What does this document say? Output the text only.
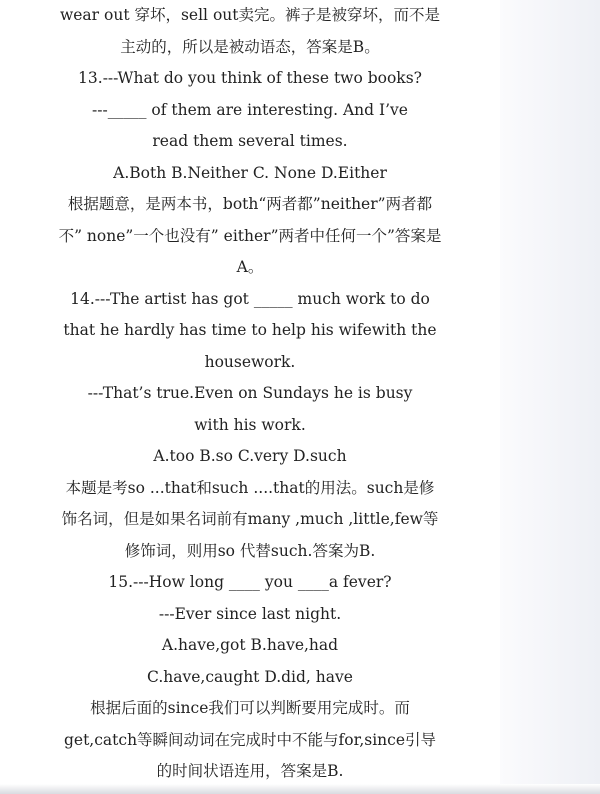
wear out 穿坏，sell out卖完。裤子是被穿坏，而不是
主动的，所以是被动语态，答案是B。
13.---What do you think of these two books?
---_____ of them are interesting. And I’ve
read them several times.
A.Both B.Neither C. None D.Either
根据题意，是两本书，both“两者都”neither”两者都
不” none”一个也没有” either”两者中任何一个”答案是
A。
14.---The artist has got _____ much work to do
that he hardly has time to help his wifewith the
housework.
---That’s true.Even on Sundays he is busy
with his work.
A.too B.so C.very D.such
本题是考so ...that和such ....that的用法。such是修
饰名词，但是如果名词前有many ,much ,little,few等
修饰词，则用so 代替such.答案为B.
15.---How long ____ you ____a fever?
---Ever since last night.
A.have,got B.have,had
C.have,caught D.did, have
根据后面的since我们可以判断要用完成时。而
get,catch等瞬间动词在完成时中不能与for,since引导
的时间状语连用，答案是B.
